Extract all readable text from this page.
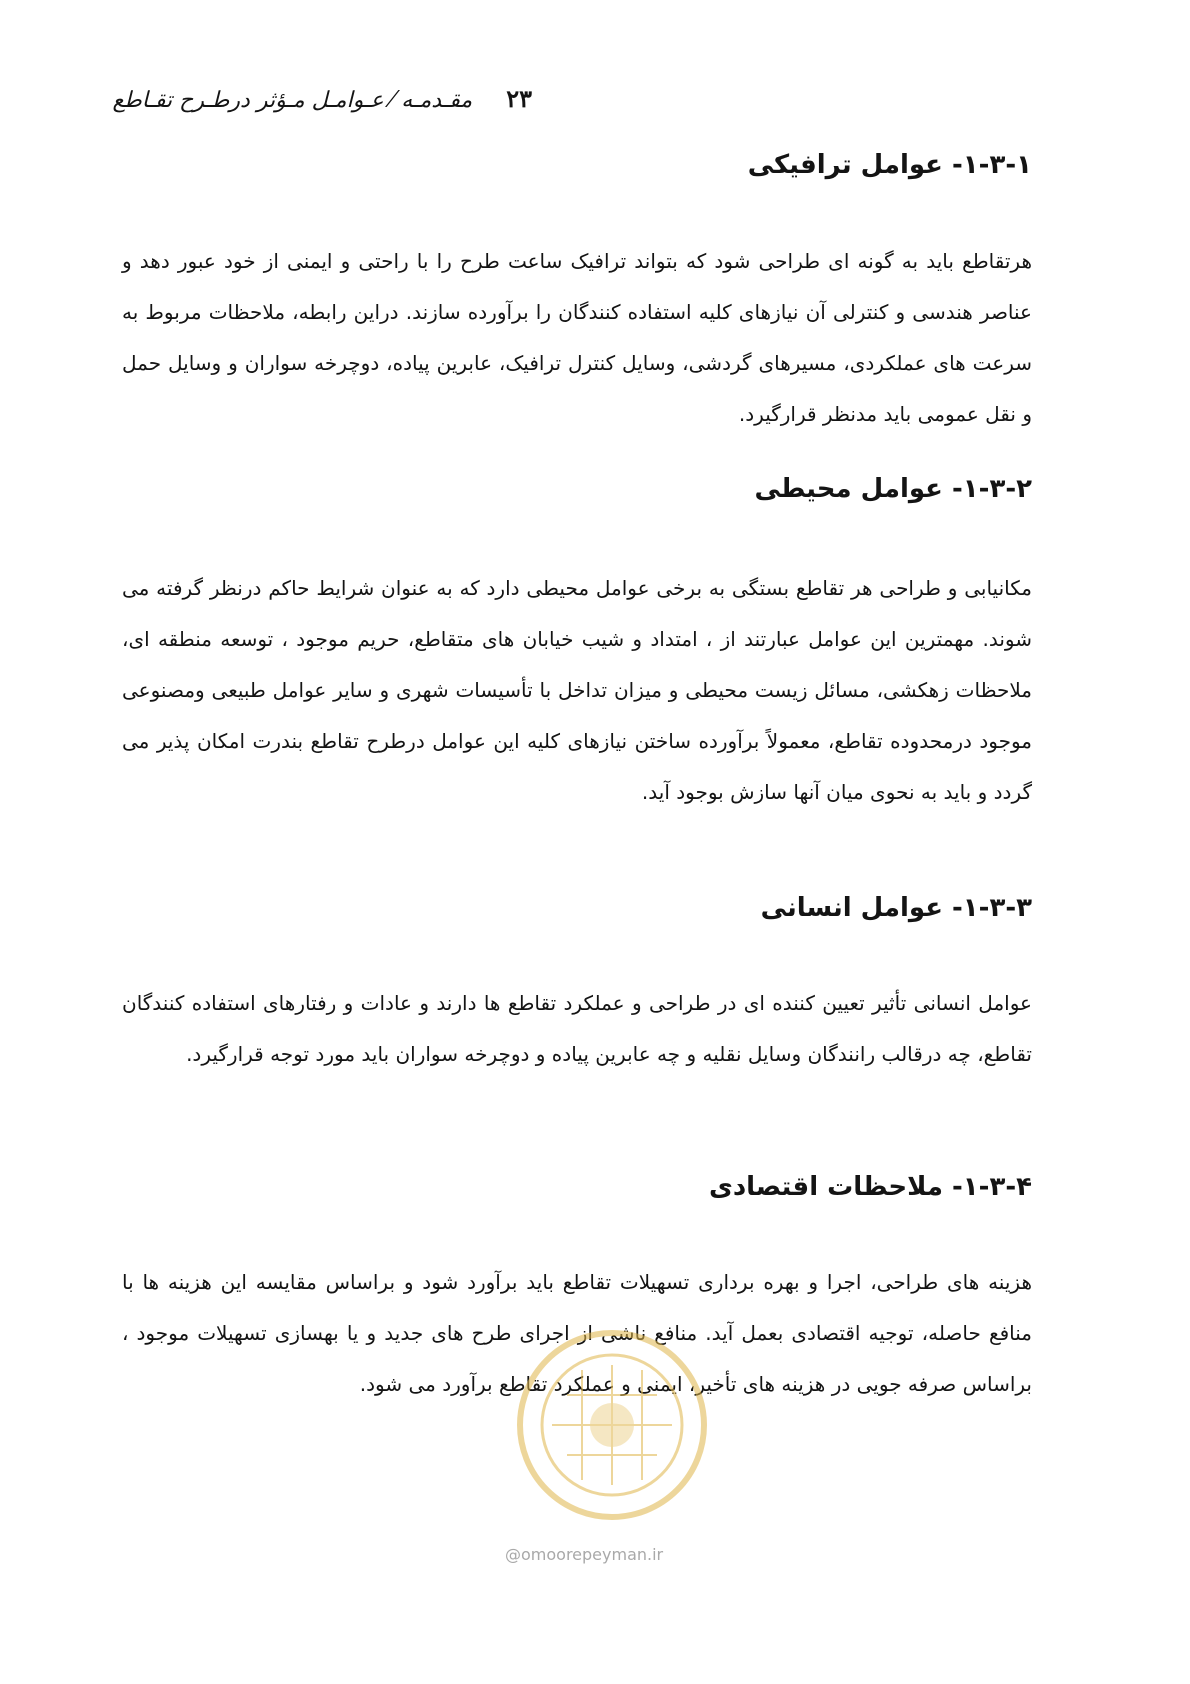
۲۳
مقـدمـه ⁄ عـوامـل مـؤثر درطـرح تقـاطع
۱-۳-۱- عوامل ترافیکی
هرتقاطع باید به گونه ای طراحی شود که بتواند ترافیک ساعت طرح را با راحتی و ایمنی از خود عبور دهد و عناصر هندسی و کنترلی آن نیازهای کلیه استفاده کنندگان را برآورده سازند. دراین رابطه، ملاحظات مربوط به سرعت های عملکردی، مسیرهای گردشی، وسایل کنترل ترافیک، عابرین پیاده، دوچرخه سواران و وسایل حمل و نقل عمومی باید مدنظر قرارگیرد.
۱-۳-۲- عوامل محیطی
مکانیابی و طراحی هر تقاطع بستگی به برخی عوامل محیطی دارد که به عنوان شرایط حاکم درنظر گرفته می شوند. مهمترین این عوامل عبارتند از ، امتداد و شیب خیابان های متقاطع، حریم موجود ، توسعه منطقه ای، ملاحظات زهکشی، مسائل زیست محیطی و میزان تداخل با تأسیسات شهری و سایر عوامل طبیعی ومصنوعی موجود درمحدوده تقاطع، معمولاً برآورده ساختن نیازهای کلیه این عوامل درطرح تقاطع بندرت امکان پذیر می گردد و باید به نحوی میان آنها سازش بوجود آید.
۱-۳-۳- عوامل انسانی
عوامل انسانی تأثیر تعیین کننده ای در طراحی و عملکرد تقاطع ها دارند و عادات و رفتارهای استفاده کنندگان تقاطع، چه درقالب رانندگان وسایل نقلیه و چه عابرین پیاده و دوچرخه سواران باید مورد توجه قرارگیرد.
۱-۳-۴- ملاحظات اقتصادی
هزینه های طراحی، اجرا و بهره برداری تسهیلات تقاطع باید برآورد شود و براساس مقایسه این هزینه ها با منافع حاصله، توجیه اقتصادی بعمل آید. منافع ناشی از اجرای طرح های جدید و یا بهسازی تسهیلات موجود ، براساس صرفه جویی در هزینه های تأخیر، ایمنی و عملکرد تقاطع برآورد می شود.
@omoorepeyman.ir
